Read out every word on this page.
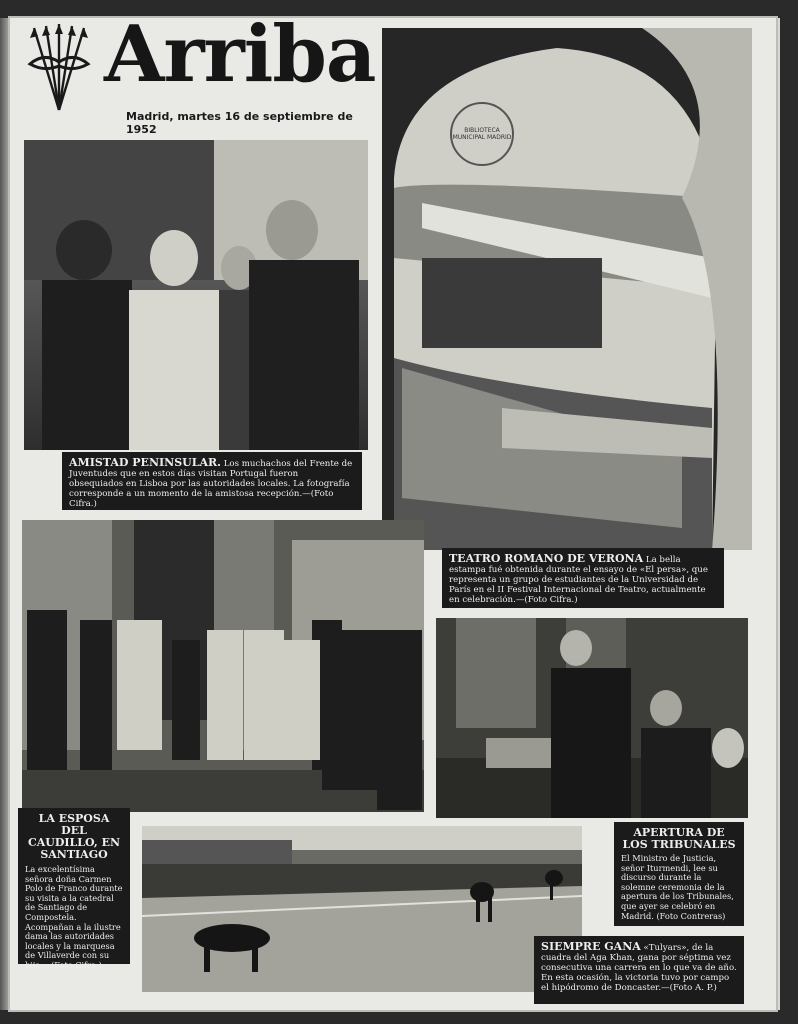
Arriba
Madrid, martes 16 de septiembre de 1952
AMISTAD PENINSULAR. Los muchachos del Frente de Juventudes que en estos días visitan Portugal fueron obsequiados en Lisboa por las autoridades locales. La fotografía corresponde a un momento de la amistosa recepción.—(Foto Cifra.)
BIBLIOTECA MUNICIPAL MADRID
TEATRO ROMANO DE VERONA La bella estampa fué obtenida durante el ensayo de «El persa», que representa un grupo de estudiantes de la Universidad de París en el II Festival Internacional de Teatro, actualmente en celebración.—(Foto Cifra.)
LA ESPOSA DEL CAUDILLO, EN SANTIAGO
La excelentísima señora doña Carmen Polo de Franco durante su visita a la catedral de Santiago de Compostela. Acompañan a la ilustre dama las autoridades locales y la marquesa de Villaverde con su hija.—(Foto Cifra.)
APERTURA DE LOS TRIBUNALES
El Ministro de Justicia, señor Iturmendi, lee su discurso durante la solemne ceremonia de la apertura de los Tribunales, que ayer se celebró en Madrid. (Foto Contreras)
SIEMPRE GANA «Tulyars», de la cuadra del Aga Khan, gana por séptima vez consecutiva una carrera en lo que va de año. En esta ocasión, la victoria tuvo por campo el hipódromo de Doncaster.—(Foto A. P.)
